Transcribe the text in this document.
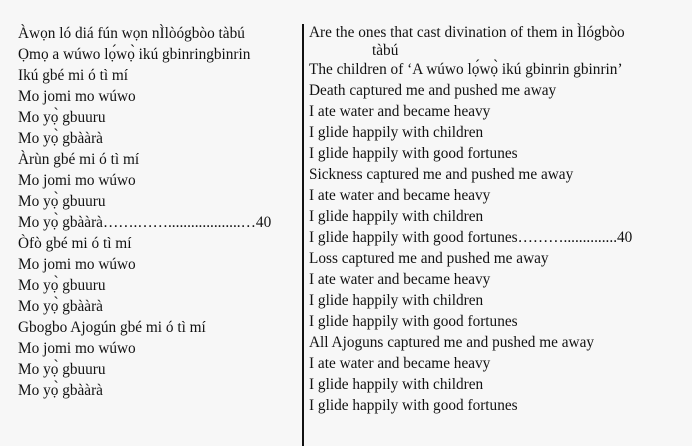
Àwọn ló diá fún wọn nÌlòógbòo tàbú
Ọmọ a wúwo lọ́wọ̀ ikú gbinringbinrin
Ikú gbé mi ó tì mí
Mo jomi mo wúwo
Mo yọ̀ gbuuru
Mo yọ̀ gbààrà
Àrùn gbé mi ó tì mí
Mo jomi mo wúwo
Mo yọ̀ gbuuru
Mo yọ̀ gbààrà…….……...................…40
Òfò gbé mi ó tì mí
Mo jomi mo wúwo
Mo yọ̀ gbuuru
Mo yọ̀ gbààrà
Gbogbo Ajogún gbé mi ó tì mí
Mo jomi mo wúwo
Mo yọ̀ gbuuru
Mo yọ̀ gbààrà
Are the ones that cast divination of them in Ìlógbòo
tàbú
The children of ‘A wúwo lọ́wọ̀ ikú gbinrin gbinrin’
Death captured me and pushed me away
I ate water and became heavy
I glide happily with children
I glide happily with good fortunes
Sickness captured me and pushed me away
I ate water and became heavy
I glide happily with children
I glide happily with good fortunes………..............40
Loss captured me and pushed me away
I ate water and became heavy
I glide happily with children
I glide happily with good fortunes
All Ajoguns captured me and pushed me away
I ate water and became heavy
I glide happily with children
I glide happily with good fortunes
